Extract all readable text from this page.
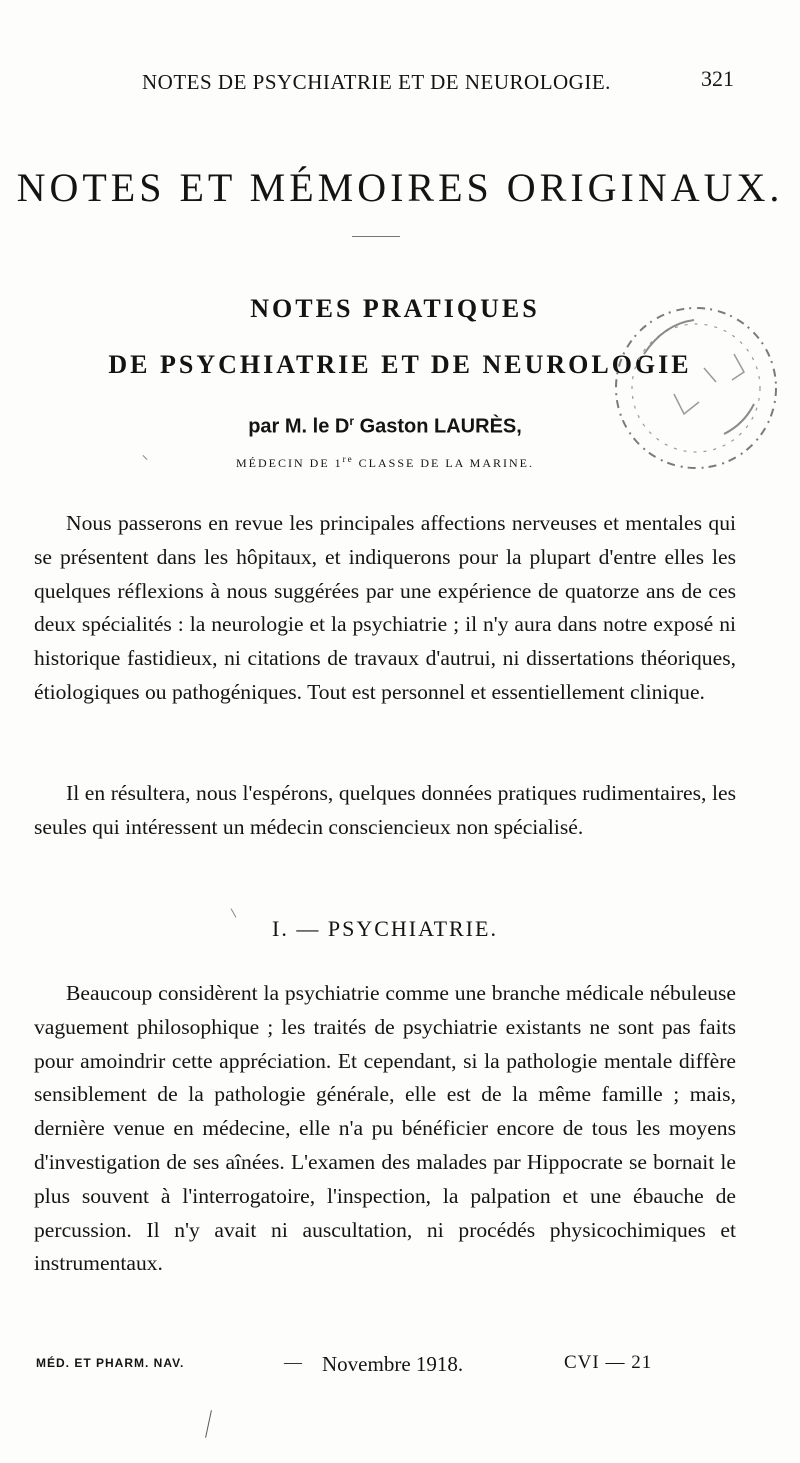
NOTES DE PSYCHIATRIE ET DE NEUROLOGIE.	321
NOTES ET MÉMOIRES ORIGINAUX.
NOTES PRATIQUES
DE PSYCHIATRIE ET DE NEUROLOGIE
par M. le $D^r$ Gaston LAURÈS,
MÉDECIN DE 1re CLASSE DE LA MARINE.

Nous passerons en revue les principales affections nerveuses et mentales qui se présentent dans les hôpitaux, et indiquerons pour la plupart d'entre elles les quelques réflexions à nous suggérées par une expérience de quatorze ans de ces deux spécialités : la neurologie et la psychiatrie ; il n'y aura dans notre exposé ni historique fastidieux, ni citations de travaux d'autrui, ni dissertations théoriques, étiologiques ou pathogéniques. Tout est personnel et essentiellement clinique.

Il en résultera, nous l'espérons, quelques données pratiques rudimentaires, les seules qui intéressent un médecin consciencieux non spécialisé.

I. — PSYCHIATRIE.

Beaucoup considèrent la psychiatrie comme une branche médicale nébuleuse vaguement philosophique ; les traités de psychiatrie existants ne sont pas faits pour amoindrir cette appréciation. Et cependant, si la pathologie mentale diffère sensiblement de la pathologie générale, elle est de la même famille ; mais, dernière venue en médecine, elle n'a pu bénéficier encore de tous les moyens d'investigation de ses aînées. L'examen des malades par Hippocrate se bornait le plus souvent à l'interrogatoire, l'inspection, la palpation et une ébauche de percussion. Il n'y avait ni auscultation, ni procédés physicochimiques et instrumentaux.

MÉD. ET PHARM. NAV.	— Novembre 1918.	CVI — 21
